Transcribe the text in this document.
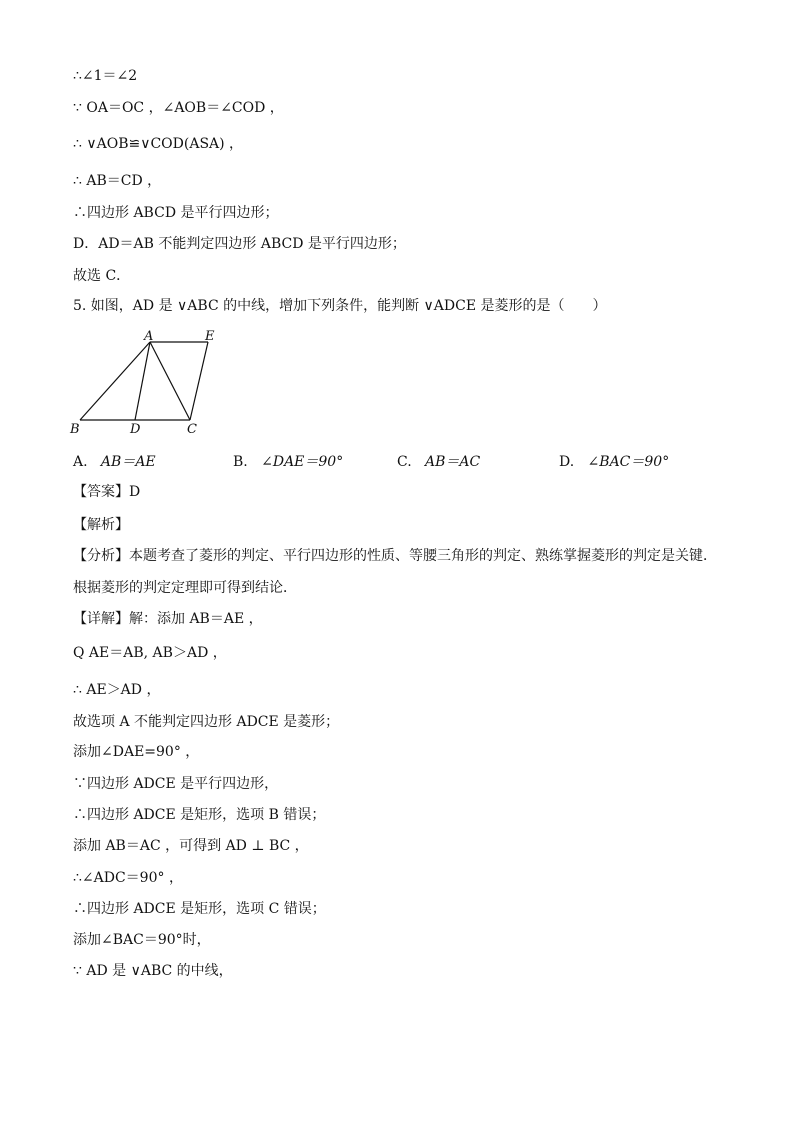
∴∠1＝∠2
∵ OA＝OC ，∠AOB＝∠COD ，
∴ ∨AOB≌∨COD(ASA) ，
∴ AB＝CD ，
∴四边形 ABCD 是平行四边形；
D．AD＝AB 不能判定四边形 ABCD 是平行四边形；
故选 C．
5. 如图，AD 是 ∨ABC 的中线，增加下列条件，能判断 ∨ADCE 是菱形的是（　　）
A	E
B	D	C
A. AB＝AE	B. ∠DAE＝90°	C. AB＝AC	D. ∠BAC＝90°
【答案】D
【解析】
【分析】本题考查了菱形的判定、平行四边形的性质、等腰三角形的判定、熟练掌握菱形的判定是关键．
根据菱形的判定定理即可得到结论．
【详解】解：添加 AB＝AE ，
Q AE＝AB, AB＞AD ，
∴ AE＞AD ，
故选项 A 不能判定四边形 ADCE 是菱形；
添加∠DAE=90° ，
∵四边形 ADCE 是平行四边形，
∴四边形 ADCE 是矩形，选项 B 错误；
添加 AB＝AC ，可得到 AD ⊥ BC ，
∴∠ADC＝90° ，
∴四边形 ADCE 是矩形，选项 C 错误；
添加∠BAC＝90°时，
∵ AD 是 ∨ABC 的中线，
